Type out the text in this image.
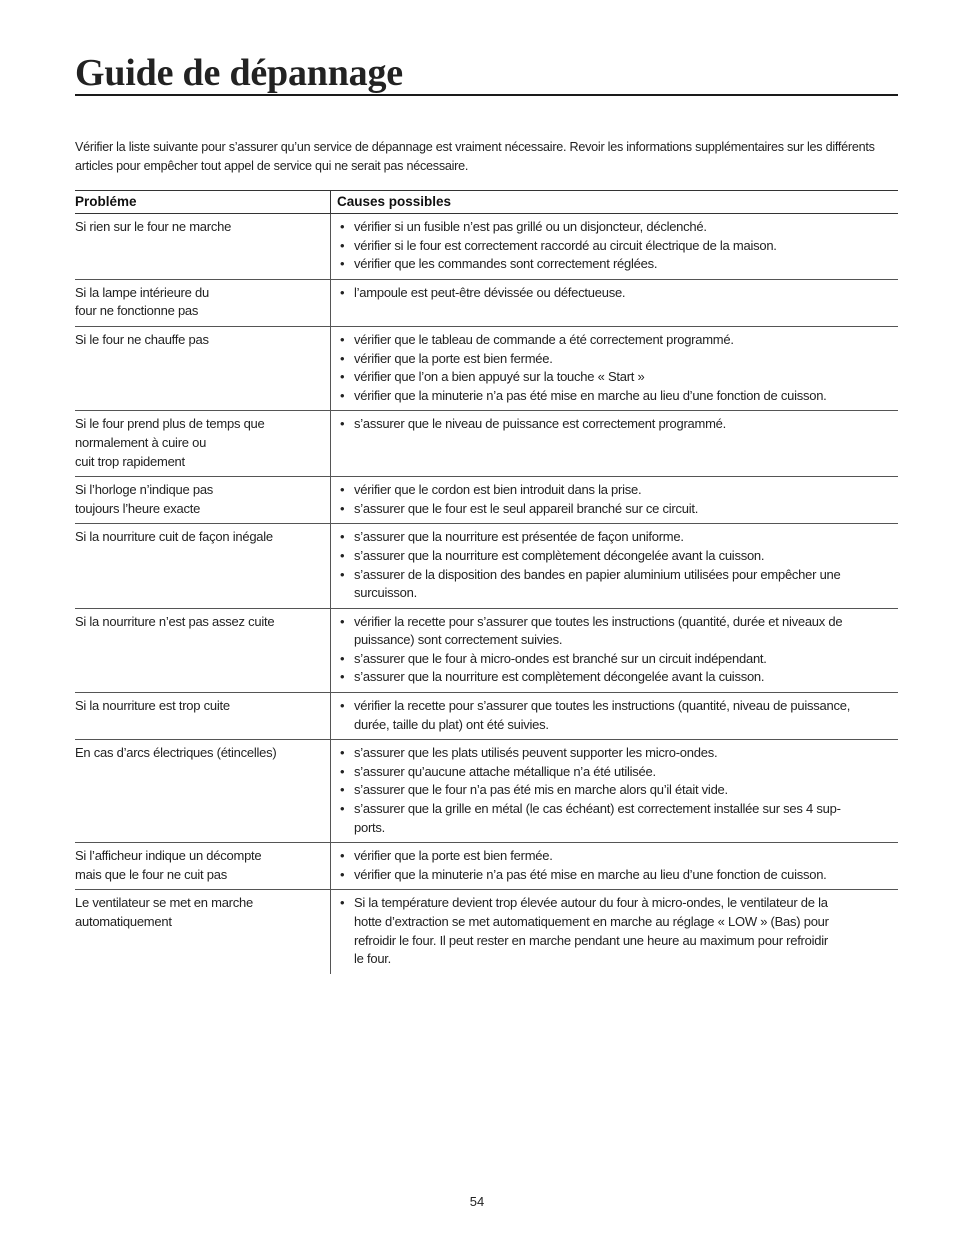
Guide de dépannage

Vérifier la liste suivante pour s’assurer qu’un service de dépannage est vraiment nécessaire. Revoir les informations supplémentaires sur les différents articles pour empêcher tout appel de service qui ne serait pas nécessaire.

Probléme	Causes possibles
Si rien sur le four ne marche	• vérifier si un fusible n’est pas grillé ou un disjoncteur, déclenché.
• vérifier si le four est correctement raccordé au circuit électrique de la maison.
• vérifier que les commandes sont correctement réglées.
Si la lampe intérieure du
four ne fonctionne pas
• l’ampoule est peut-être dévissée ou défectueuse.
Si le four ne chauffe pas	• vérifier que le tableau de commande a été correctement programmé.
• vérifier que la porte est bien fermée.
• vérifier que l’on a bien appuyé sur la touche « Start »
• vérifier que la minuterie n’a pas été mise en marche au lieu d’une fonction de cuisson.
Si le four prend plus de temps que
normalement à cuire ou
cuit trop rapidement
• s’assurer que le niveau de puissance est correctement programmé.
Si l’horloge n’indique pas
toujours l’heure exacte
• vérifier que le cordon est bien introduit dans la prise.
• s’assurer que le four est le seul appareil branché sur ce circuit.
Si la nourriture cuit de façon inégale	• s’assurer que la nourriture est présentée de façon uniforme.
• s’assurer que la nourriture est complètement décongelée avant la cuisson.
• s’assurer de la disposition des bandes en papier aluminium utilisées pour empêcher une
surcuisson.
Si la nourriture n’est pas assez cuite	• vérifier la recette pour s’assurer que toutes les instructions (quantité, durée et niveaux de
puissance) sont correctement suivies.
• s’assurer que le four à micro-ondes est branché sur un circuit indépendant.
• s’assurer que la nourriture est complètement décongelée avant la cuisson.
Si la nourriture est trop cuite	• vérifier la recette pour s’assurer que toutes les instructions (quantité, niveau de puissance,
durée, taille du plat) ont été suivies.
En cas d’arcs électriques (étincelles)	• s’assurer que les plats utilisés peuvent supporter les micro-ondes.
• s’assurer qu’aucune attache métallique n’a été utilisée.
• s’assurer que le four n’a pas été mis en marche alors qu’il était vide.
• s’assurer que la grille en métal (le cas échéant) est correctement installée sur ses 4 sup-
ports.
Si l’afficheur indique un décompte
mais que le four ne cuit pas
• vérifier que la porte est bien fermée.
• vérifier que la minuterie n’a pas été mise en marche au lieu d’une fonction de cuisson.
Le ventilateur se met en marche
automatiquement
• Si la température devient trop élevée autour du four à micro-ondes, le ventilateur de la
hotte d’extraction se met automatiquement en marche au réglage « LOW » (Bas) pour
refroidir le four. Il peut rester en marche pendant une heure au maximum pour refroidir
le four.
54
